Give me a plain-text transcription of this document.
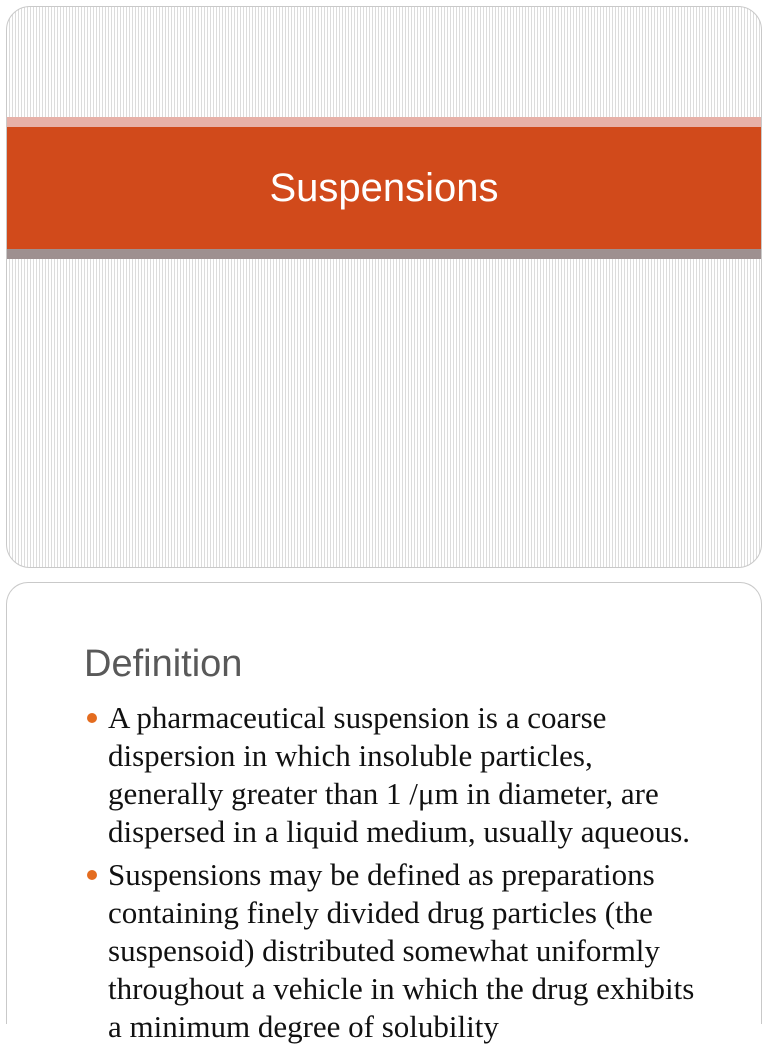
Suspensions
Definition
A pharmaceutical suspension is a coarse
dispersion in which insoluble particles,
generally greater than 1 /μm in diameter, are
dispersed in a liquid medium, usually aqueous.
Suspensions may be defined as preparations
containing finely divided drug particles (the
suspensoid) distributed somewhat uniformly
throughout a vehicle in which the drug exhibits
a minimum degree of solubility
